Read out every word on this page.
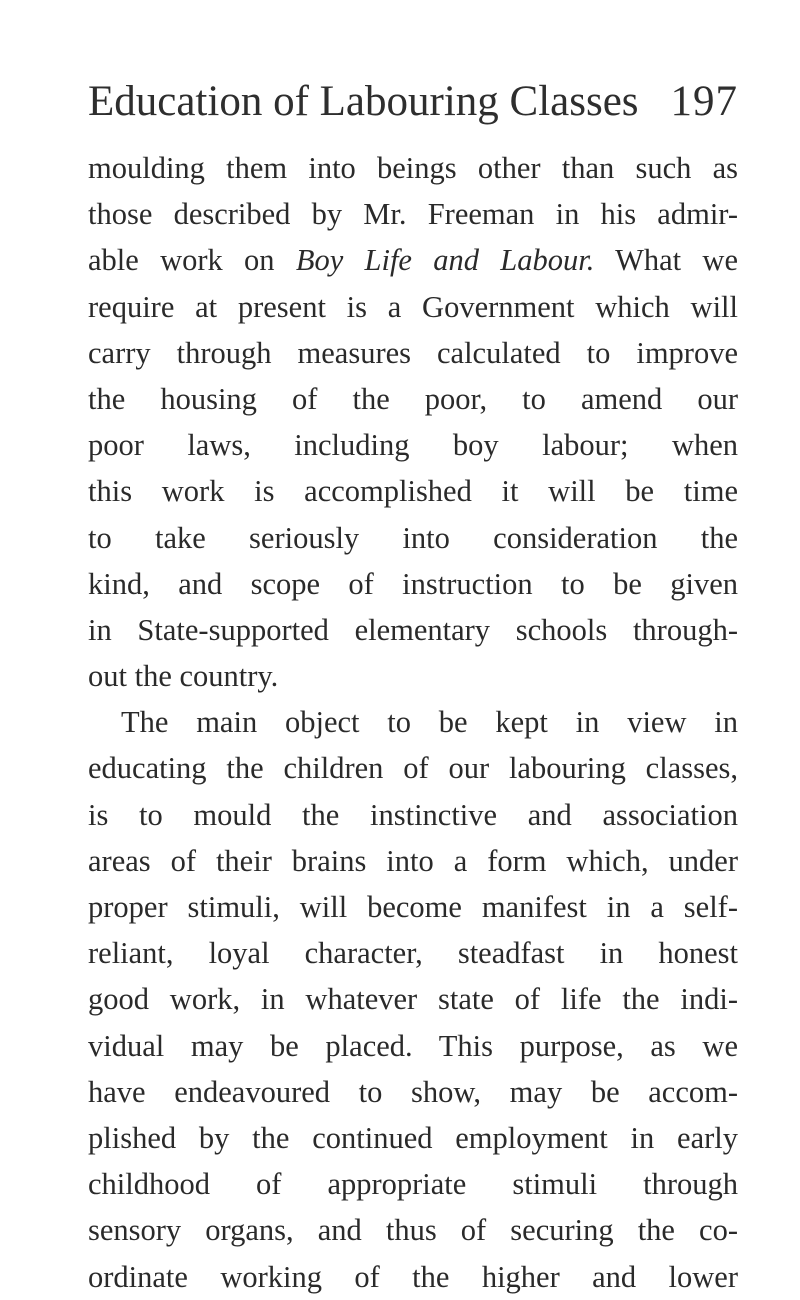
Education of Labouring Classes 197
moulding them into beings other than such as
those described by Mr. Freeman in his admir-
able work on Boy Life and Labour. What we
require at present is a Government which will
carry through measures calculated to improve
the housing of the poor, to amend our
poor laws, including boy labour; when
this work is accomplished it will be time
to take seriously into consideration the
kind, and scope of instruction to be given
in State-supported elementary schools through-
out the country.
The main object to be kept in view in
educating the children of our labouring classes,
is to mould the instinctive and association
areas of their brains into a form which, under
proper stimuli, will become manifest in a self-
reliant, loyal character, steadfast in honest
good work, in whatever state of life the indi-
vidual may be placed. This purpose, as we
have endeavoured to show, may be accom-
plished by the continued employment in early
childhood of appropriate stimuli through
sensory organs, and thus of securing the co-
ordinate working of the higher and lower
